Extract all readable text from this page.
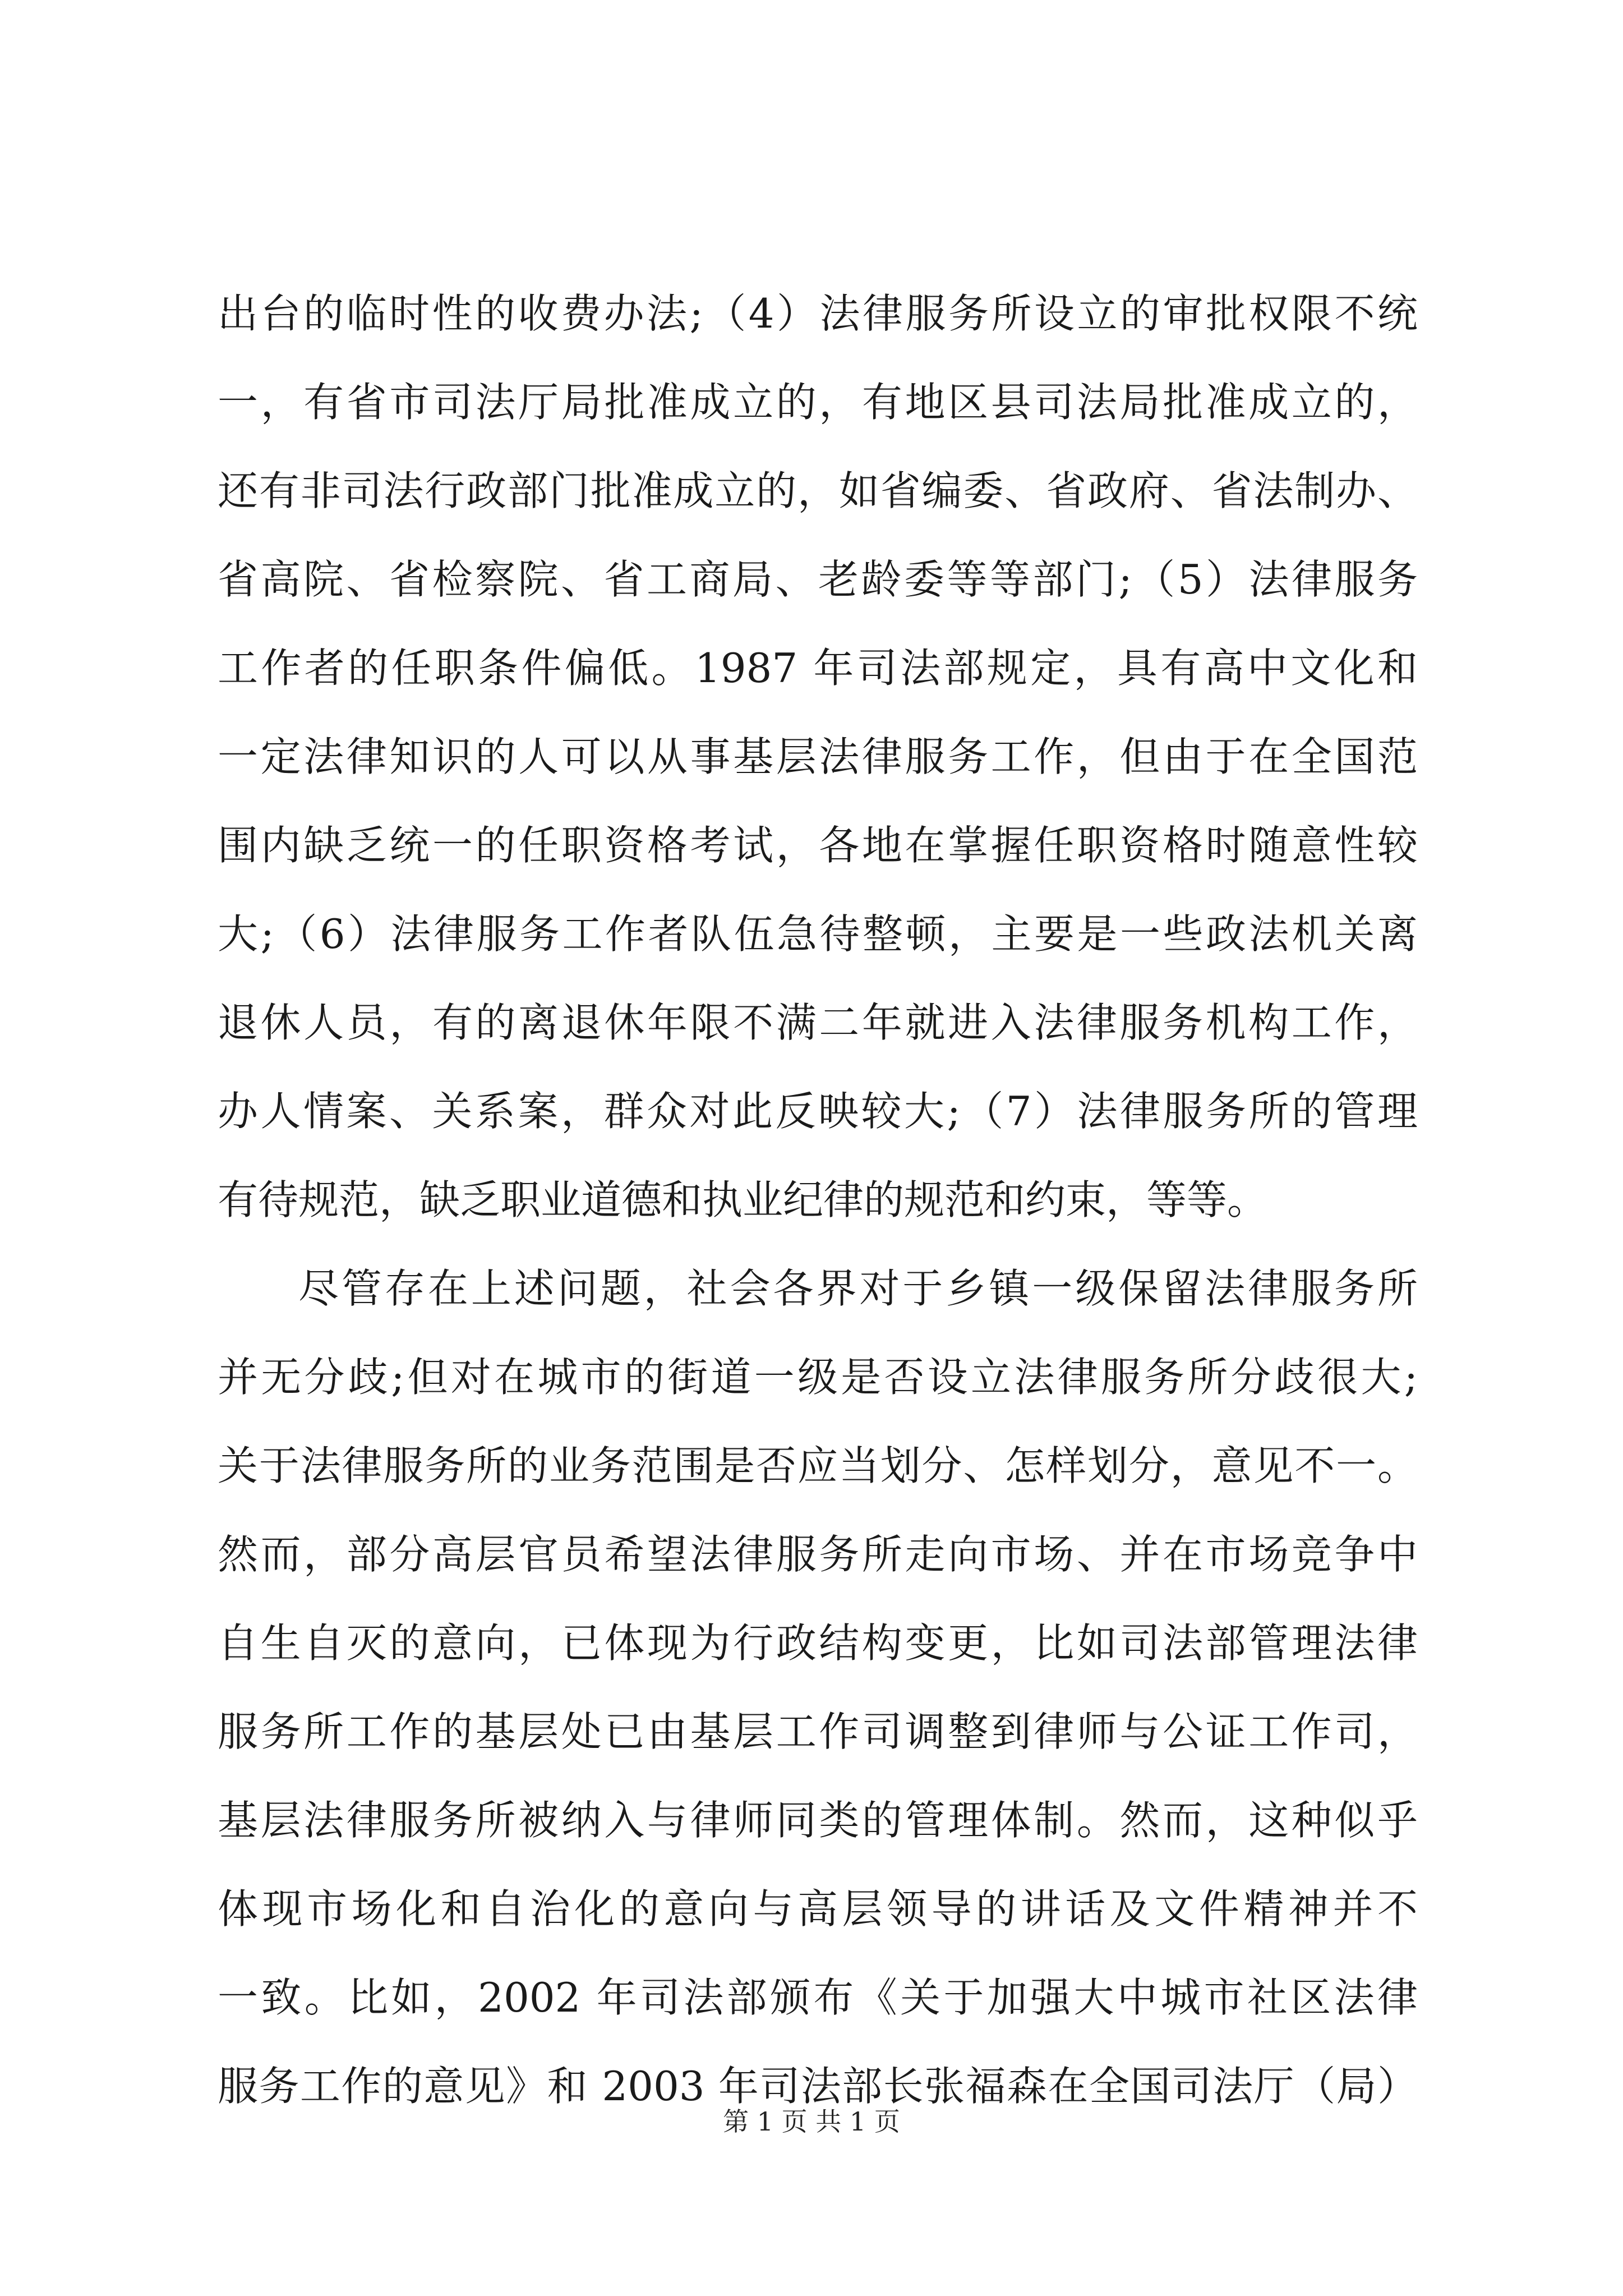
出台的临时性的收费办法;（4）法律服务所设立的审批权限不统
一，有省市司法厅局批准成立的，有地区县司法局批准成立的，
还有非司法行政部门批准成立的，如省编委、省政府、省法制办、
省高院、省检察院、省工商局、老龄委等等部门;（5）法律服务
工作者的任职条件偏低。1987 年司法部规定，具有高中文化和
一定法律知识的人可以从事基层法律服务工作，但由于在全国范
围内缺乏统一的任职资格考试，各地在掌握任职资格时随意性较
大;（6）法律服务工作者队伍急待整顿，主要是一些政法机关离
退休人员，有的离退休年限不满二年就进入法律服务机构工作，
办人情案、关系案，群众对此反映较大;（7）法律服务所的管理
有待规范，缺乏职业道德和执业纪律的规范和约束，等等。
尽管存在上述问题，社会各界对于乡镇一级保留法律服务所
并无分歧;但对在城市的街道一级是否设立法律服务所分歧很大;
关于法律服务所的业务范围是否应当划分、怎样划分，意见不一。
然而，部分高层官员希望法律服务所走向市场、并在市场竞争中
自生自灭的意向，已体现为行政结构变更，比如司法部管理法律
服务所工作的基层处已由基层工作司调整到律师与公证工作司，
基层法律服务所被纳入与律师同类的管理体制。然而，这种似乎
体现市场化和自治化的意向与高层领导的讲话及文件精神并不
一致。比如，2002 年司法部颁布《关于加强大中城市社区法律
服务工作的意见》和 2003 年司法部长张福森在全国司法厅（局）
第 1 页 共 1 页
